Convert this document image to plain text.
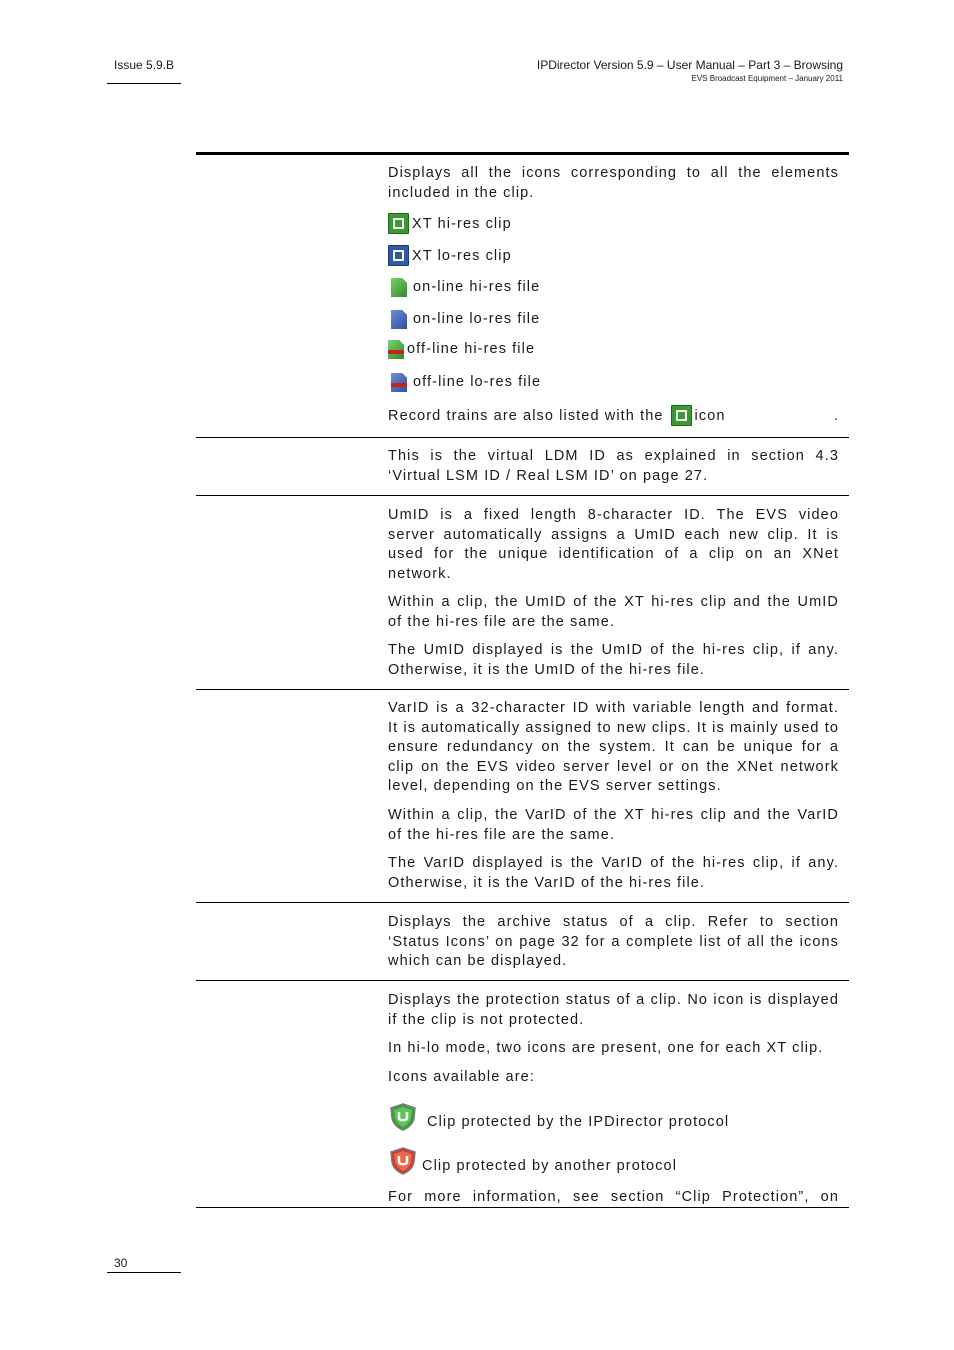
Issue 5.9.B	IPDirector Version 5.9 – User Manual – Part 3 – Browsing
EVS Broadcast Equipment – January 2011
Displays all the icons corresponding to all the elements included in the clip.
XT hi-res clip
XT lo-res clip
on-line hi-res file
on-line lo-res file
off-line hi-res file
off-line lo-res file
Record trains are also listed with the icon	.
This is the virtual LDM ID as explained in section 4.3 ‘Virtual LSM ID / Real LSM ID’ on page 27.
UmID is a fixed length 8-character ID. The EVS video server automatically assigns a UmID each new clip. It is used for the unique identification of a clip on an XNet network.
Within a clip, the UmID of the XT hi-res clip and the UmID of the hi-res file are the same.
The UmID displayed is the UmID of the hi-res clip, if any. Otherwise, it is the UmID of the hi-res file.
VarID is a 32-character ID with variable length and format. It is automatically assigned to new clips. It is mainly used to ensure redundancy on the system. It can be unique for a clip on the EVS video server level or on the XNet network level, depending on the EVS server settings.
Within a clip, the VarID of the XT hi-res clip and the VarID of the hi-res file are the same.
The VarID displayed is the VarID of the hi-res clip, if any. Otherwise, it is the VarID of the hi-res file.
Displays the archive status of a clip. Refer to section ‘Status Icons’ on page 32 for a complete list of all the icons which can be displayed.
Displays the protection status of a clip. No icon is displayed if the clip is not protected.
In hi-lo mode, two icons are present, one for each XT clip.
Icons available are:
Clip protected by the IPDirector protocol
Clip protected by another protocol
For more information, see section “Clip Protection”, on
30
